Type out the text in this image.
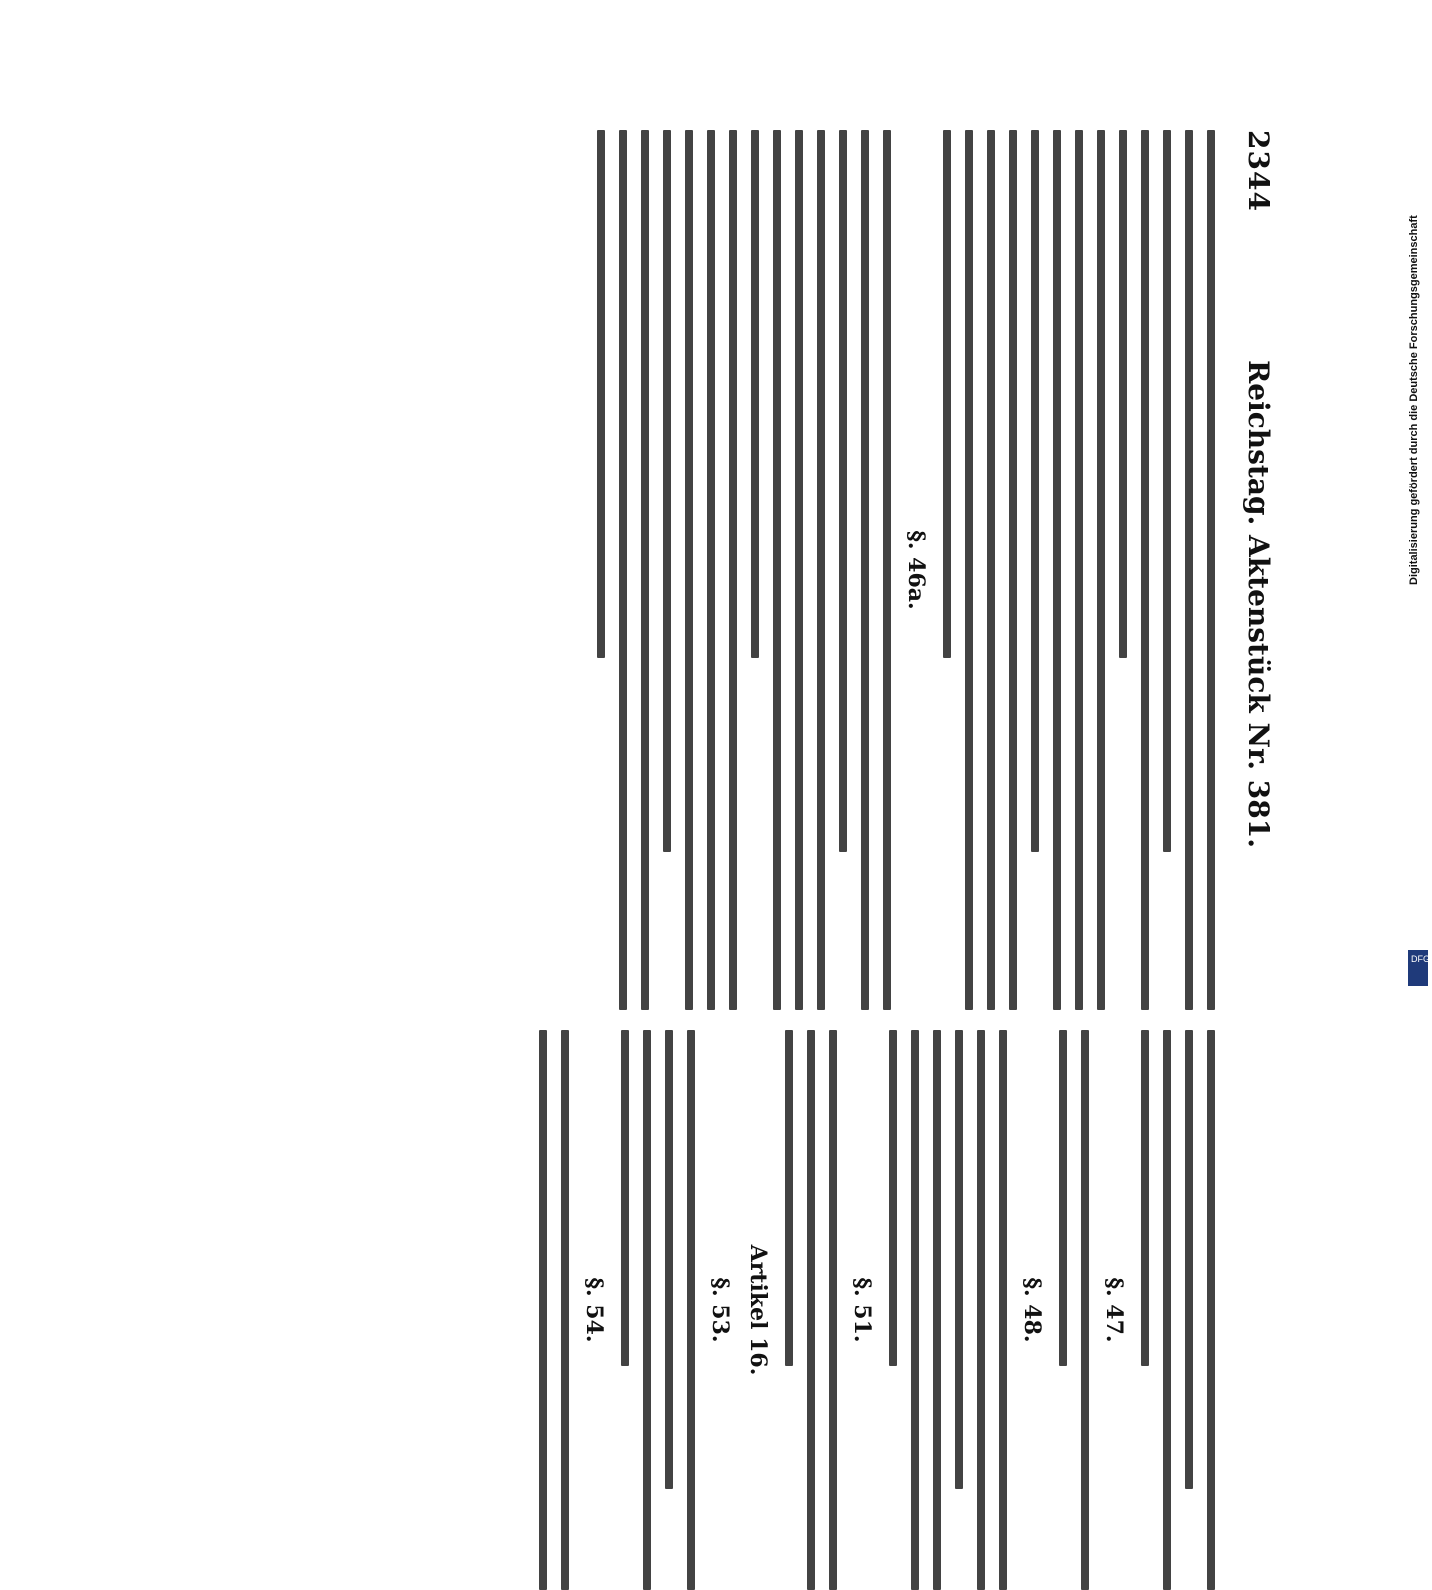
2344
Reichstag. Aktenstück Nr. 381.
§. 46a.
§. 47.
§. 48.
§. 51.
Artikel 16.
§. 53.
§. 54.
Digitalisierung gefördert durch die Deutsche Forschungsgemeinschaft
DFG
